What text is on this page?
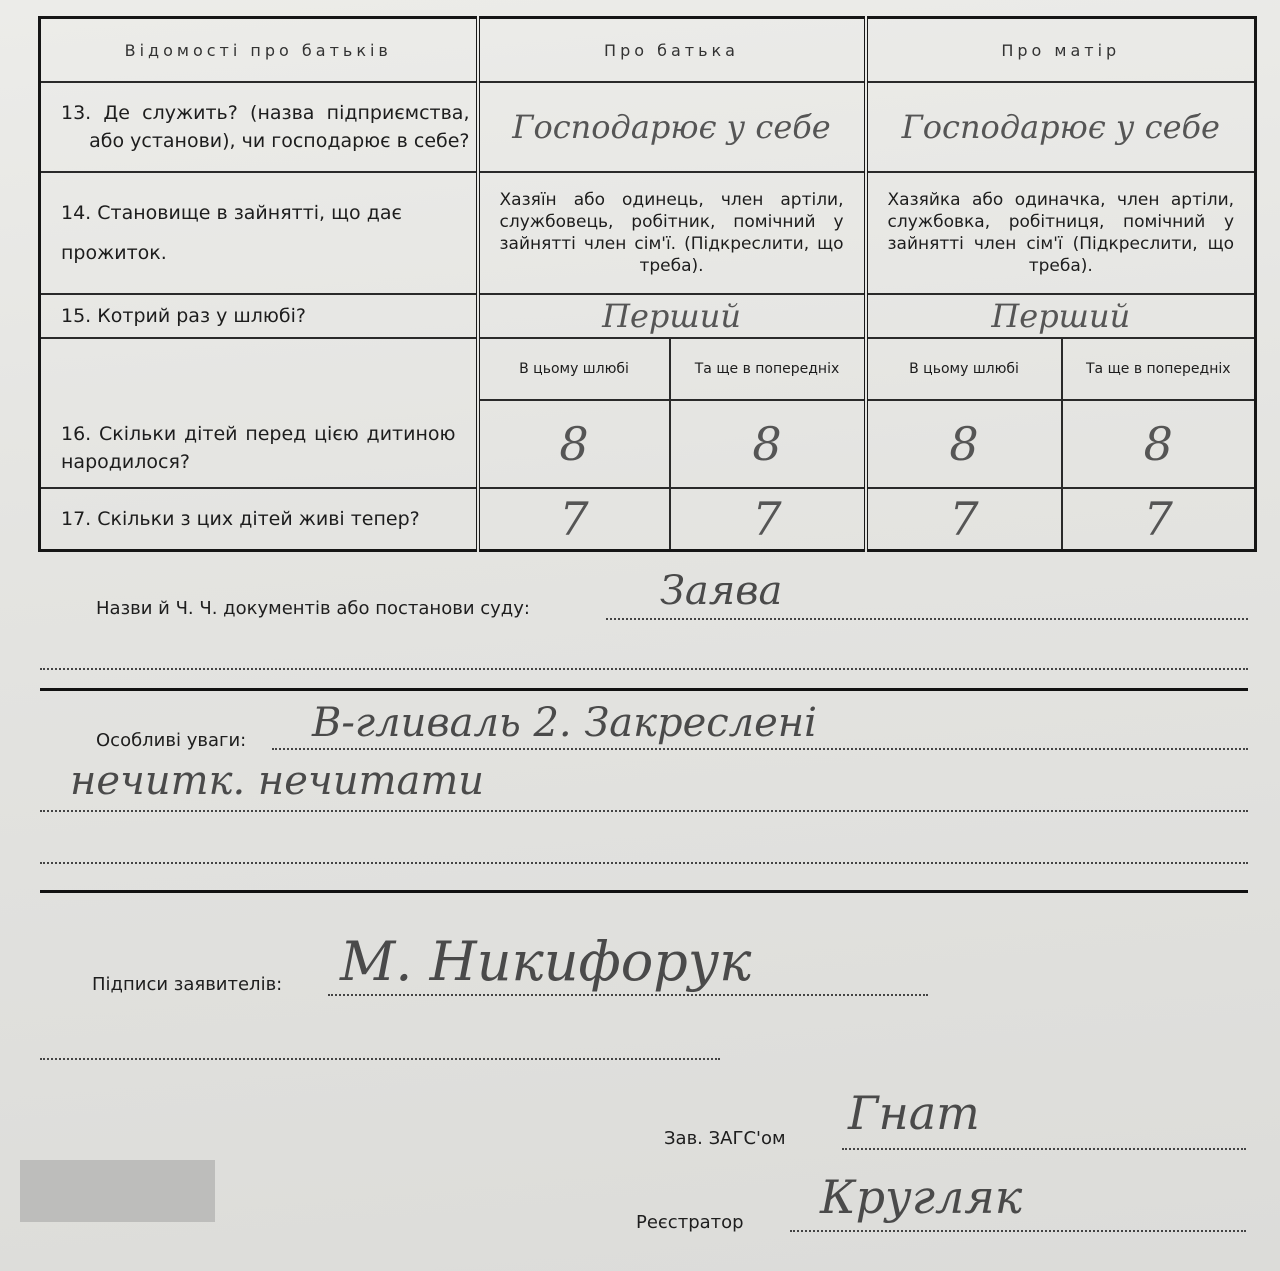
Відомості про батьків	Про батька		Про матір	
13. Де служить? (назва підприємства, або установи), чи господарює в себе?	Господарює у себе		Господарює у себе	

14. Становище в зайнятті, що дає прожиток.	Хазяїн або одинець, член артіли, службовець, робітник, помічний у зайнятті член сім'ї. (Підкреслити, що треба).		Хазяйка або одиначка, член артіли, службовка, робітниця, помічний у зайнятті член сім'ї (Підкреслити, що треба).	
15. Котрий раз у шлюбі?	Перший		Перший	

16. Скільки дітей перед цією дитиною народилося?	В цьому шлюбі	Та ще в попередніх	В цьому шлюбі	Та ще в попередніх

	8	8	8	8

17. Скільки з цих дітей живі тепер?	7	7	7	7
Назви й Ч. Ч. документів або постанови суду:	Заява
Особливі уваги: В-гливаль 2. Закреслені
нечитк. нечитати
Підписи заявителів: М. Никифорук
Зав. ЗАГС'ом Гнат
Реєстратор Кругляк
